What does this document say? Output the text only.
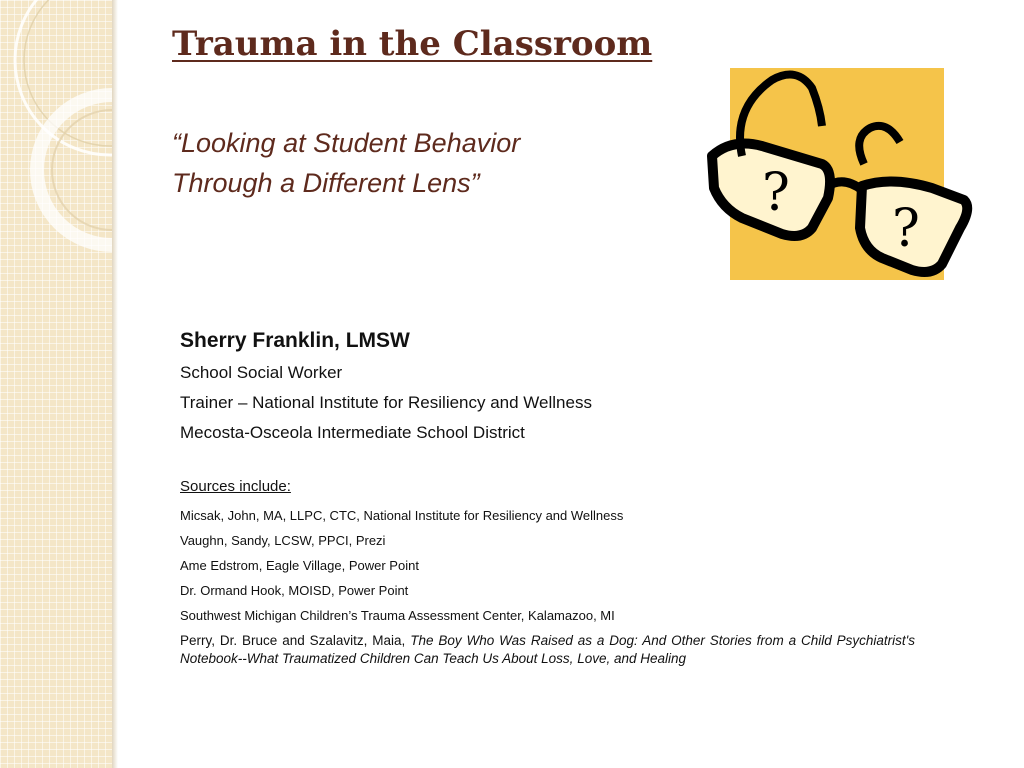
Trauma in the Classroom
“Looking at Student Behavior
Through a Different Lens”	?
?
Sherry Franklin, LMSW
School Social Worker
Trainer – National Institute for Resiliency and Wellness
Mecosta-Osceola Intermediate School District
Sources include:
Micsak, John, MA, LLPC, CTC, National Institute for Resiliency and Wellness
Vaughn, Sandy, LCSW, PPCI, Prezi
Ame Edstrom, Eagle Village, Power Point
Dr. Ormand Hook, MOISD, Power Point
Southwest Michigan Children’s Trauma Assessment Center, Kalamazoo, MI
Perry, Dr. Bruce and Szalavitz, Maia, The Boy Who Was Raised as a Dog: And Other Stories from a Child Psychiatrist's Notebook--What Traumatized Children Can Teach Us About Loss, Love, and Healing
